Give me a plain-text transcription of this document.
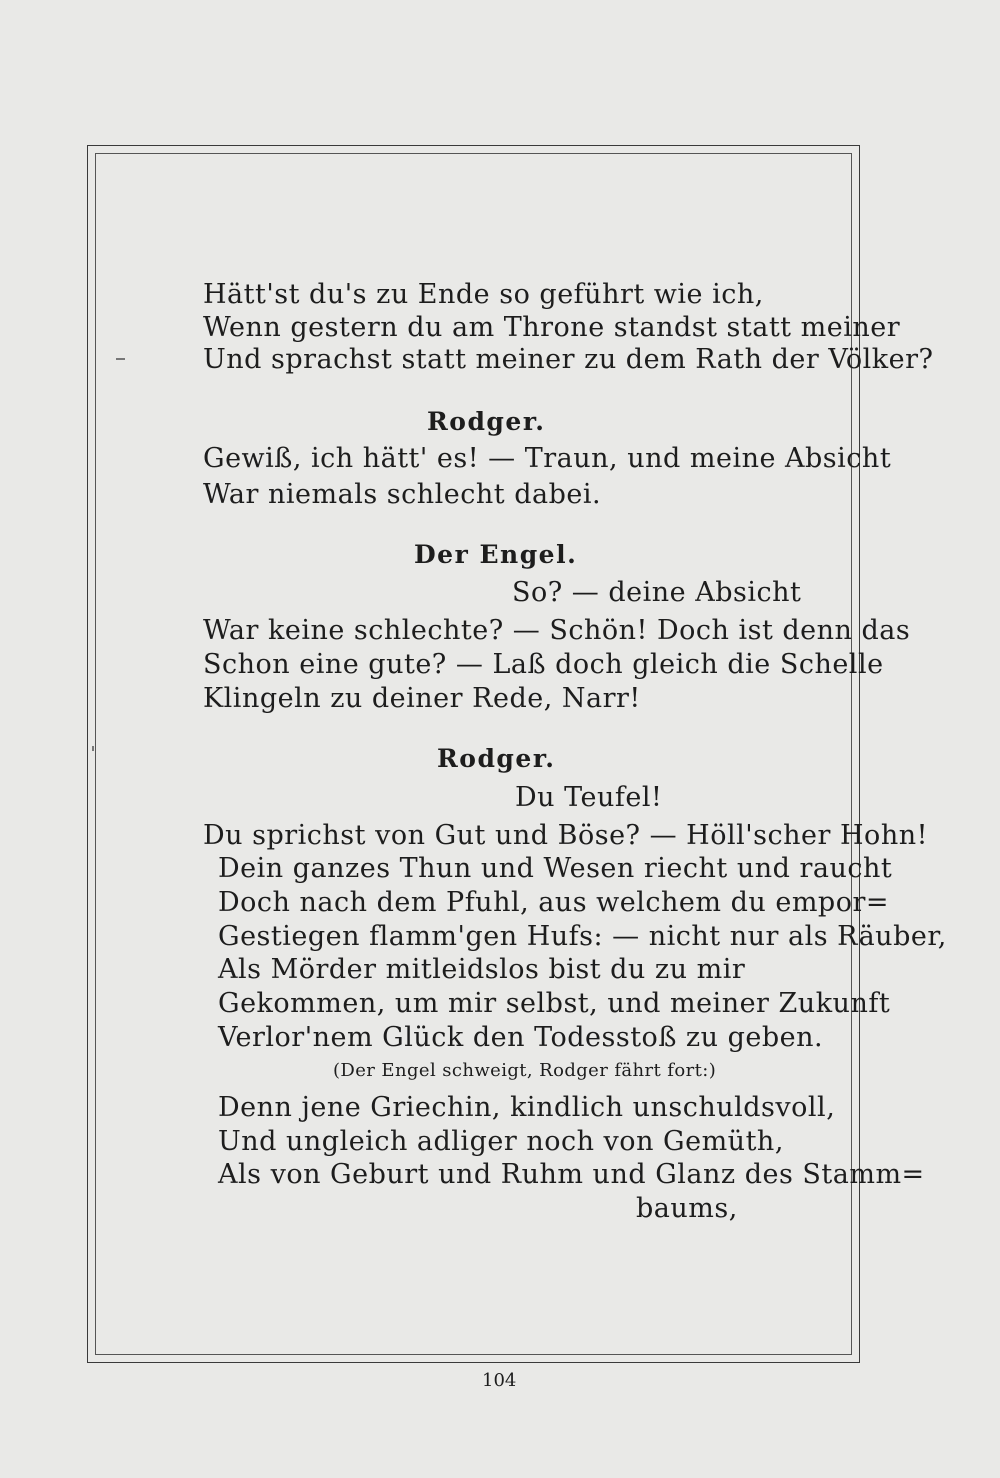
Hätt'st du's zu Ende so geführt wie ich,
Wenn gestern du am Throne standst statt meiner
Und sprachst statt meiner zu dem Rath der Völker?
Rodger.
Gewiß, ich hätt' es! — Traun, und meine Absicht
War niemals schlecht dabei.
Der Engel.
So? — deine Absicht
War keine schlechte? — Schön! Doch ist denn das
Schon eine gute? — Laß doch gleich die Schelle
Klingeln zu deiner Rede, Narr!
Rodger.
Du Teufel!
Du sprichst von Gut und Böse? — Höll'scher Hohn!
Dein ganzes Thun und Wesen riecht und raucht
Doch nach dem Pfuhl, aus welchem du empor=
Gestiegen flamm'gen Hufs: — nicht nur als Räuber,
Als Mörder mitleidslos bist du zu mir
Gekommen, um mir selbst, und meiner Zukunft
Verlor'nem Glück den Todesstoß zu geben.
(Der Engel schweigt, Rodger fährt fort:)
Denn jene Griechin, kindlich unschuldsvoll,
Und ungleich adliger noch von Gemüth,
Als von Geburt und Ruhm und Glanz des Stamm=
baums,
104
